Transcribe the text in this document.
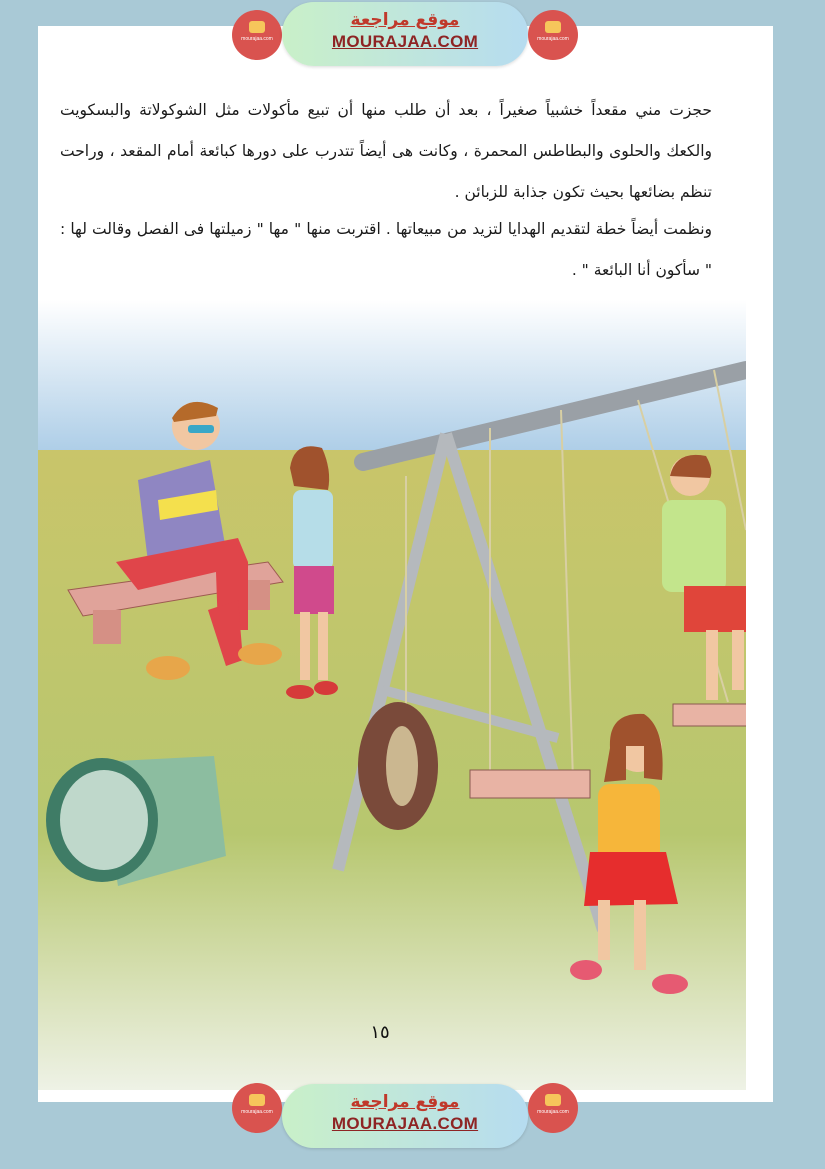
mourajaa.com
موقع مراجعة
MOURAJAA.COM	mourajaa.com

حجزت مني مقعداً خشبياً صغيراً ، بعد أن طلب منها أن تبيع مأكولات مثل الشوكولاتة والبسكويت والكعك والحلوى والبطاطس المحمرة ، وكانت هى أيضاً تتدرب على دورها كبائعة أمام المقعد ، وراحت تنظم بضائعها بحيث تكون جذابة للزبائن .

ونظمت أيضاً خطة لتقديم الهدايا لتزيد من مبيعاتها . اقتربت منها " مها " زميلتها فى الفصل وقالت لها : " سأكون أنا البائعة " .

١٥
mourajaa.com	موقع مراجعة
MOURAJAA.COM
mourajaa.com
